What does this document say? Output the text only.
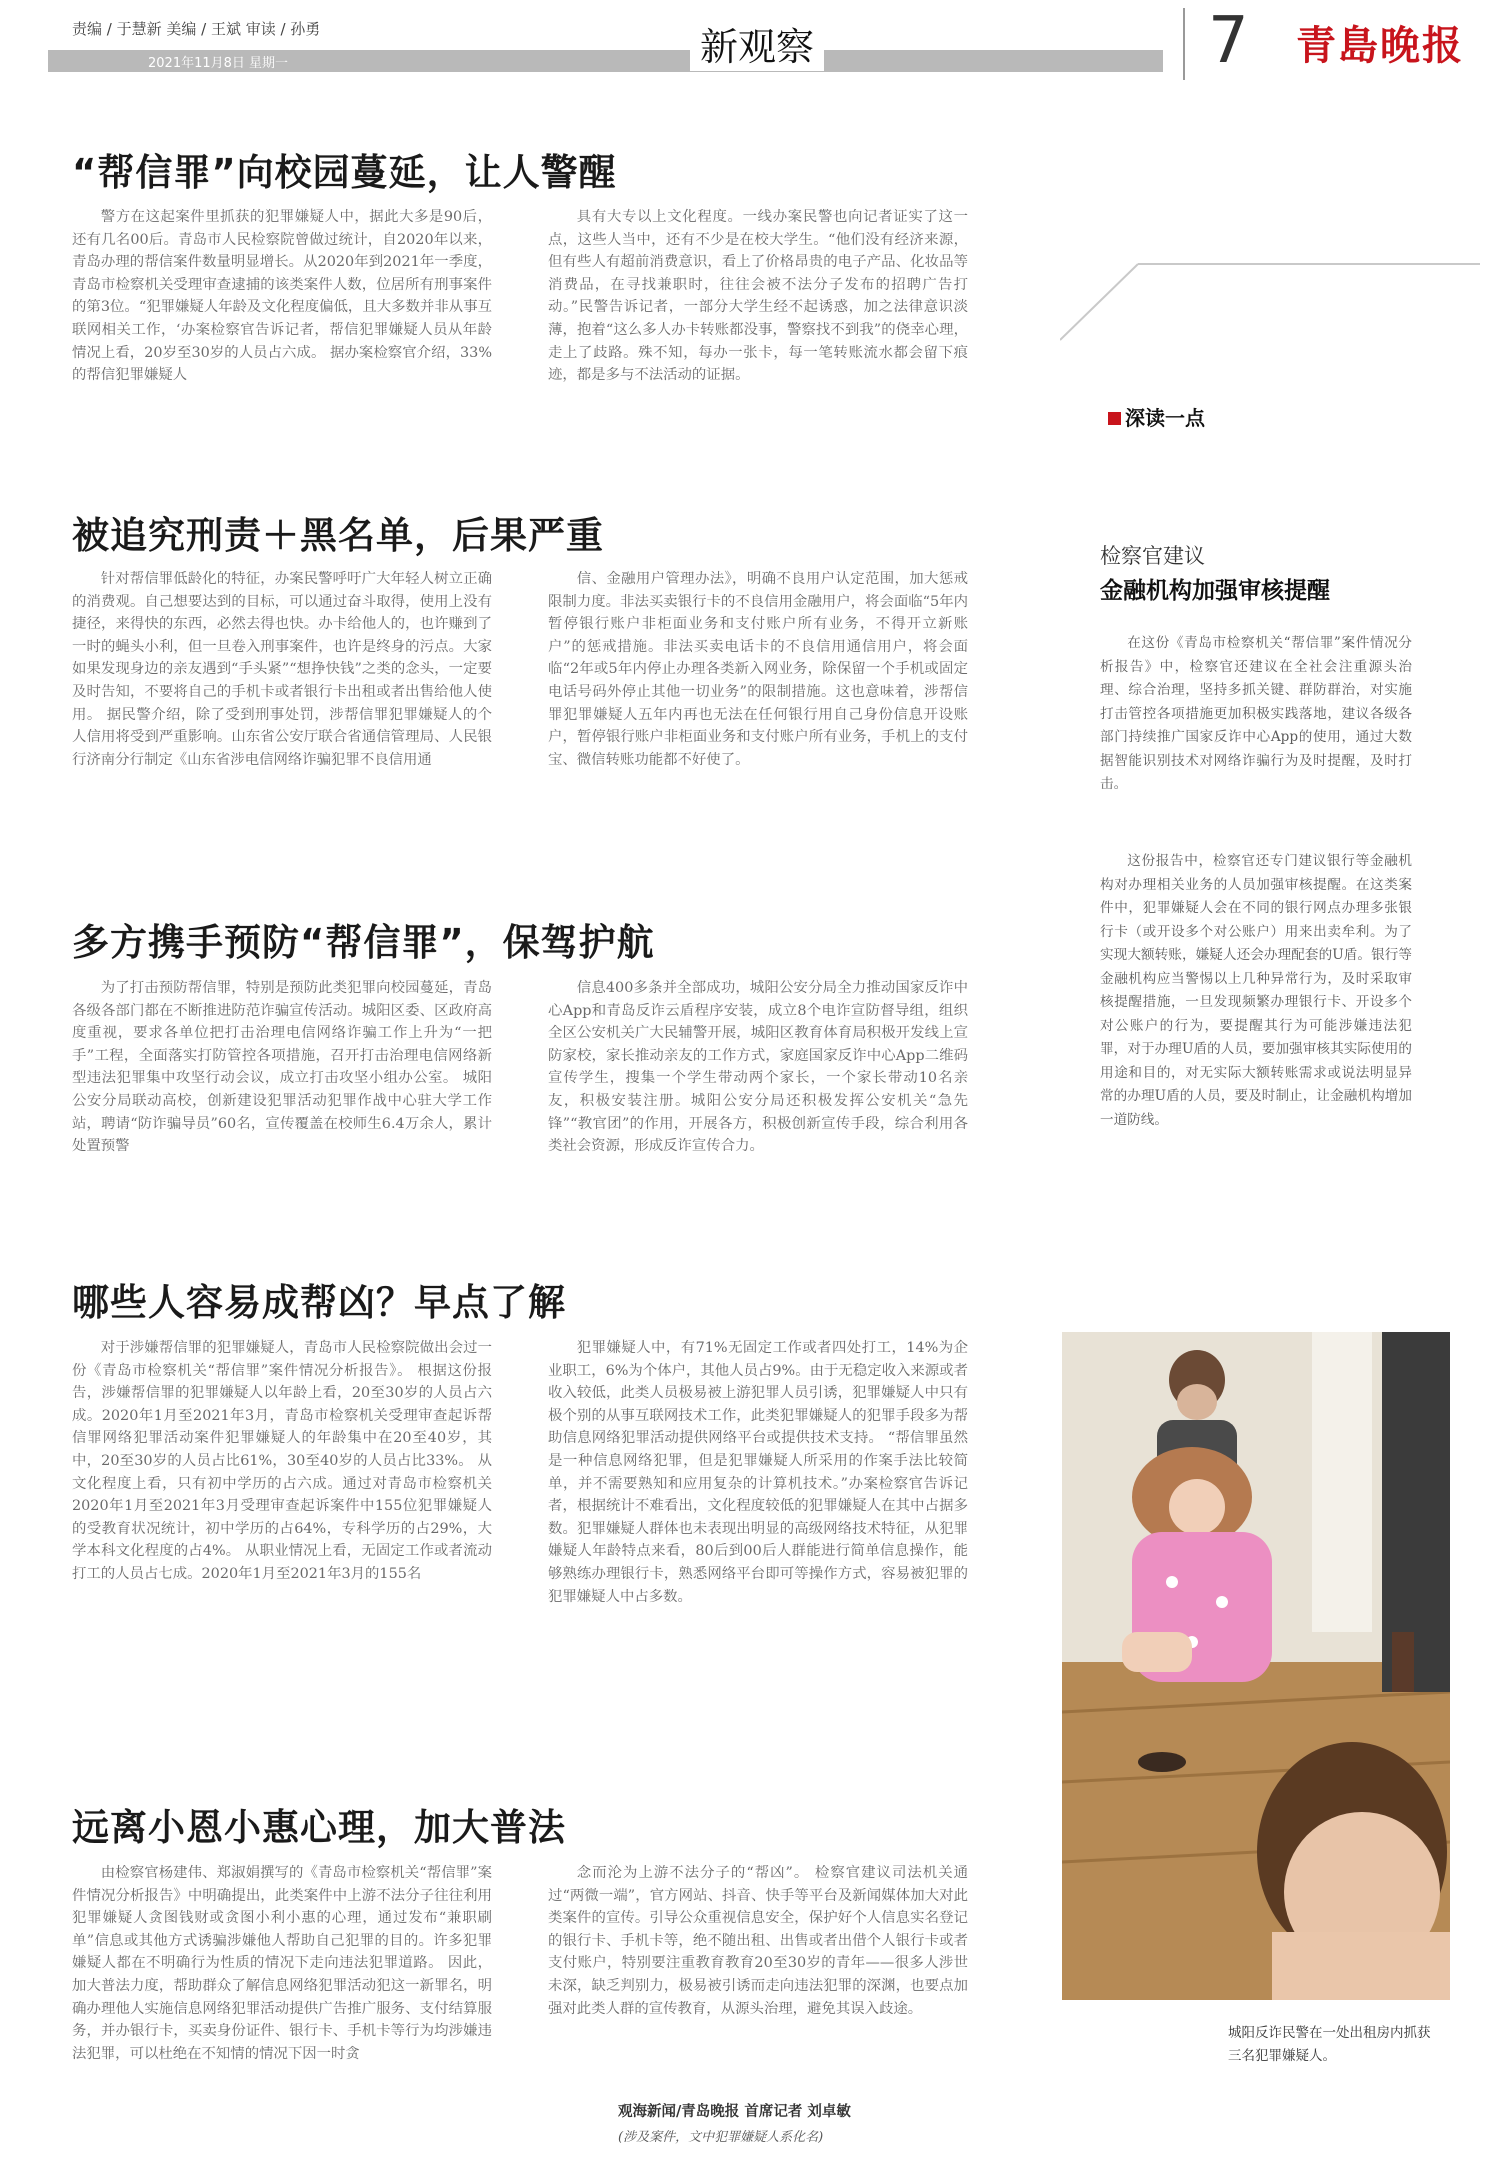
责编 / 于慧新 美编 / 王斌 审读 / 孙勇
2021年11月8日 星期一	新观察	7 青島晚报
“帮信罪”向校园蔓延，让人警醒
警方在这起案件里抓获的犯罪嫌疑人中，据此大多是90后，还有几名00后。青岛市人民检察院曾做过统计，自2020年以来，青岛办理的帮信案件数量明显增长。从2020年到2021年一季度，青岛市检察机关受理审查逮捕的该类案件人数，位居所有刑事案件的第3位。“犯罪嫌疑人年龄及文化程度偏低，且大多数并非从事互联网相关工作，‘办案检察官告诉记者，帮信犯罪嫌疑人员从年龄情况上看，20岁至30岁的人员占六成。 据办案检察官介绍，33%的帮信犯罪嫌疑人
具有大专以上文化程度。一线办案民警也向记者证实了这一点，这些人当中，还有不少是在校大学生。“他们没有经济来源，但有些人有超前消费意识，看上了价格昂贵的电子产品、化妆品等消费品，在寻找兼职时，往往会被不法分子发布的招聘广告打动。”民警告诉记者，一部分大学生经不起诱惑，加之法律意识淡薄，抱着“这么多人办卡转账都没事，警察找不到我”的侥幸心理，走上了歧路。殊不知，每办一张卡，每一笔转账流水都会留下痕迹，都是多与不法活动的证据。
被追究刑责＋黑名单，后果严重
针对帮信罪低龄化的特征，办案民警呼吁广大年轻人树立正确的消费观。自己想要达到的目标，可以通过奋斗取得，使用上没有捷径，来得快的东西，必然去得也快。办卡给他人的，也许赚到了一时的蝇头小利，但一旦卷入刑事案件，也许是终身的污点。大家如果发现身边的亲友遇到“手头紧”“想挣快钱”之类的念头，一定要及时告知，不要将自己的手机卡或者银行卡出租或者出售给他人使用。 据民警介绍，除了受到刑事处罚，涉帮信罪犯罪嫌疑人的个人信用将受到严重影响。山东省公安厅联合省通信管理局、人民银行济南分行制定《山东省涉电信网络诈骗犯罪不良信用通
信、金融用户管理办法》，明确不良用户认定范围，加大惩戒限制力度。非法买卖银行卡的不良信用金融用户，将会面临“5年内暂停银行账户非柜面业务和支付账户所有业务，不得开立新账户”的惩戒措施。非法买卖电话卡的不良信用通信用户，将会面临“2年或5年内停止办理各类新入网业务，除保留一个手机或固定电话号码外停止其他一切业务”的限制措施。这也意味着，涉帮信罪犯罪嫌疑人五年内再也无法在任何银行用自己身份信息开设账户，暂停银行账户非柜面业务和支付账户所有业务，手机上的支付宝、微信转账功能都不好使了。
多方携手预防“帮信罪”，保驾护航
为了打击预防帮信罪，特别是预防此类犯罪向校园蔓延，青岛各级各部门都在不断推进防范诈骗宣传活动。城阳区委、区政府高度重视，要求各单位把打击治理电信网络诈骗工作上升为“一把手”工程，全面落实打防管控各项措施，召开打击治理电信网络新型违法犯罪集中攻坚行动会议，成立打击攻坚小组办公室。 城阳公安分局联动高校，创新建设犯罪活动犯罪作战中心驻大学工作站，聘请“防诈骗导员”60名，宣传覆盖在校师生6.4万余人，累计处置预警
信息400多条并全部成功，城阳公安分局全力推动国家反诈中心App和青岛反诈云盾程序安装，成立8个电诈宣防督导组，组织全区公安机关广大民辅警开展，城阳区教育体育局积极开发线上宣防家校，家长推动亲友的工作方式，家庭国家反诈中心App二维码宣传学生，搜集一个学生带动两个家长，一个家长带动10名亲友，积极安装注册。城阳公安分局还积极发挥公安机关“急先锋”“教官团”的作用，开展各方，积极创新宣传手段，综合利用各类社会资源，形成反诈宣传合力。
哪些人容易成帮凶？早点了解
对于涉嫌帮信罪的犯罪嫌疑人，青岛市人民检察院做出会过一份《青岛市检察机关“帮信罪”案件情况分析报告》。 根据这份报告，涉嫌帮信罪的犯罪嫌疑人以年龄上看，20至30岁的人员占六成。2020年1月至2021年3月，青岛市检察机关受理审查起诉帮信罪网络犯罪活动案件犯罪嫌疑人的年龄集中在20至40岁，其中，20至30岁的人员占比61%，30至40岁的人员占比33%。 从文化程度上看，只有初中学历的占六成。通过对青岛市检察机关2020年1月至2021年3月受理审查起诉案件中155位犯罪嫌疑人的受教育状况统计，初中学历的占64%，专科学历的占29%，大学本科文化程度的占4%。 从职业情况上看，无固定工作或者流动打工的人员占七成。2020年1月至2021年3月的155名
犯罪嫌疑人中，有71%无固定工作或者四处打工，14%为企业职工，6%为个体户，其他人员占9%。由于无稳定收入来源或者收入较低，此类人员极易被上游犯罪人员引诱，犯罪嫌疑人中只有极个别的从事互联网技术工作，此类犯罪嫌疑人的犯罪手段多为帮助信息网络犯罪活动提供网络平台或提供技术支持。 “帮信罪虽然是一种信息网络犯罪，但是犯罪嫌疑人所采用的作案手法比较简单，并不需要熟知和应用复杂的计算机技术。”办案检察官告诉记者，根据统计不难看出，文化程度较低的犯罪嫌疑人在其中占据多数。犯罪嫌疑人群体也未表现出明显的高级网络技术特征，从犯罪嫌疑人年龄特点来看，80后到00后人群能进行简单信息操作，能够熟练办理银行卡，熟悉网络平台即可等操作方式，容易被犯罪的犯罪嫌疑人中占多数。
远离小恩小惠心理，加大普法
由检察官杨建伟、郑淑娟撰写的《青岛市检察机关“帮信罪”案件情况分析报告》中明确提出，此类案件中上游不法分子往往利用犯罪嫌疑人贪图钱财或贪图小利小惠的心理，通过发布“兼职刷单”信息或其他方式诱骗涉嫌他人帮助自己犯罪的目的。许多犯罪嫌疑人都在不明确行为性质的情况下走向违法犯罪道路。 因此，加大普法力度，帮助群众了解信息网络犯罪活动犯这一新罪名，明确办理他人实施信息网络犯罪活动提供广告推广服务、支付结算服务，并办银行卡，买卖身份证件、银行卡、手机卡等行为均涉嫌违法犯罪，可以杜绝在不知情的情况下因一时贪
念而沦为上游不法分子的“帮凶”。 检察官建议司法机关通过“两微一端”，官方网站、抖音、快手等平台及新闻媒体加大对此类案件的宣传。引导公众重视信息安全，保护好个人信息实名登记的银行卡、手机卡等，绝不随出租、出售或者出借个人银行卡或者支付账户，特别要注重教育教育20至30岁的青年——很多人涉世未深，缺乏判别力，极易被引诱而走向违法犯罪的深渊，也要点加强对此类人群的宣传教育，从源头治理，避免其误入歧途。
观海新闻/青岛晚报 首席记者 刘卓敏
(涉及案件，文中犯罪嫌疑人系化名)
深读一点
检察官建议
金融机构加强审核提醒
在这份《青岛市检察机关“帮信罪”案件情况分析报告》中，检察官还建议在全社会注重源头治理、综合治理，坚持多抓关键、群防群治，对实施打击管控各项措施更加积极实践落地，建议各级各部门持续推广国家反诈中心App的使用，通过大数据智能识别技术对网络诈骗行为及时提醒，及时打击。
这份报告中，检察官还专门建议银行等金融机构对办理相关业务的人员加强审核提醒。在这类案件中，犯罪嫌疑人会在不同的银行网点办理多张银行卡（或开设多个对公账户）用来出卖牟利。为了实现大额转账，嫌疑人还会办理配套的U盾。银行等金融机构应当警惕以上几种异常行为，及时采取审核提醒措施，一旦发现频繁办理银行卡、开设多个对公账户的行为，要提醒其行为可能涉嫌违法犯罪，对于办理U盾的人员，要加强审核其实际使用的用途和目的，对无实际大额转账需求或说法明显异常的办理U盾的人员，要及时制止，让金融机构增加一道防线。
城阳反诈民警在一处出租房内抓获三名犯罪嫌疑人。
